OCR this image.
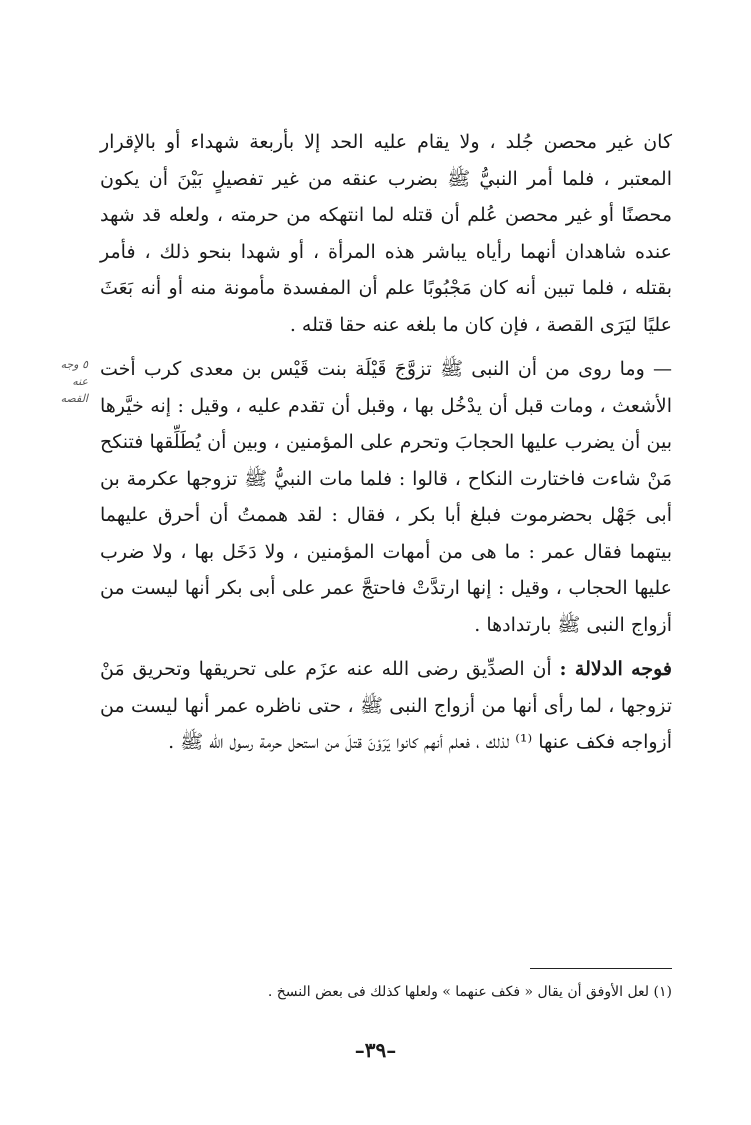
٥ وجه
عنه
القصه

كان غير محصن جُلد ، ولا يقام عليه الحد إلا بأربعة شهداء أو بالإقرار المعتبر ، فلما أمر النبيُّ ﷺ بضرب عنقه من غير تفصيلٍ بَيْنَ أن يكون محصنًا أو غير محصن عُلم أن قتله لما انتهكه من حرمته ، ولعله قد شهد عنده شاهدان أنهما رأياه يباشر هذه المرأة ، أو شهدا بنحو ذلك ، فأمر بقتله ، فلما تبين أنه كان مَجْبُوبًا علم أن المفسدة مأمونة منه أو أنه بَعَثَ عليًا ليَرَى القصة ، فإن كان ما بلغه عنه حقا قتله .

— وما روى من أن النبى ﷺ تزوَّجَ قَيْلَة بنت قَيْس بن معدى كرب أخت الأشعث ، ومات قبل أن يدْخُل بها ، وقبل أن تقدم عليه ، وقيل : إنه خيَّرها بين أن يضرب عليها الحجابَ وتحرم على المؤمنين ، وبين أن يُطَلِّقها فتنكح مَنْ شاءت فاختارت النكاح ، قالوا : فلما مات النبيُّ ﷺ تزوجها عكرمة بن أبى جَهْل بحضرموت فبلغ أبا بكر ، فقال : لقد هممتُ أن أحرق عليهما بيتهما فقال عمر : ما هى من أمهات المؤمنين ، ولا دَخَل بها ، ولا ضرب عليها الحجاب ، وقيل : إنها ارتدَّتْ فاحتجَّ عمر على أبى بكر أنها ليست من أزواج النبى ﷺ بارتدادها .

فوجه الدلالة : أن الصدِّيق رضى الله عنه عزَم على تحريقها وتحريق مَنْ تزوجها ، لما رأى أنها من أزواج النبى ﷺ ، حتى ناظره عمر أنها ليست من أزواجه فكف عنها ⁽¹⁾ لذلك ، فعلم أنهم كانوا يَرَوْنَ قتلَ من استحل حرمة رسول الله ﷺ .

(١) لعل الأوفق أن يقال « فكف عنهما » ولعلها كذلك فى بعض النسخ .
–٣٩–
